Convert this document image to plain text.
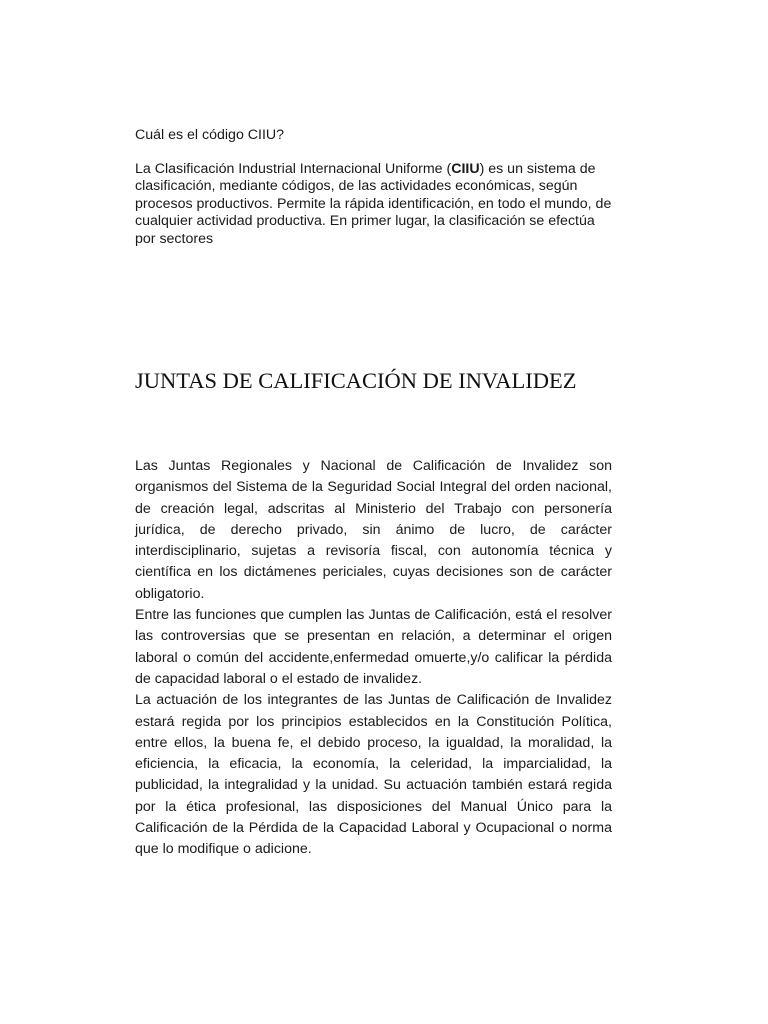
Cuál es el código CIIU?

La Clasificación Industrial Internacional Uniforme (CIIU) es un sistema de clasificación, mediante códigos, de las actividades económicas, según procesos productivos. Permite la rápida identificación, en todo el mundo, de cualquier actividad productiva. En primer lugar, la clasificación se efectúa por sectores

JUNTAS DE CALIFICACIÓN DE INVALIDEZ

Las Juntas Regionales y Nacional de Calificación de Invalidez son organismos del Sistema de la Seguridad Social Integral del orden nacional, de creación legal, adscritas al Ministerio del Trabajo con personería jurídica, de derecho privado, sin ánimo de lucro, de carácter interdisciplinario, sujetas a revisoría fiscal, con autonomía técnica y científica en los dictámenes periciales, cuyas decisiones son de carácter obligatorio.

Entre las funciones que cumplen las Juntas de Calificación, está el resolver las controversias que se presentan en relación, a determinar el origen laboral o común del accidente,enfermedad omuerte,y/o calificar la pérdida de capacidad laboral o el estado de invalidez.

La actuación de los integrantes de las Juntas de Calificación de Invalidez estará regida por los principios establecidos en la Constitución Política, entre ellos, la buena fe, el debido proceso, la igualdad, la moralidad, la eficiencia, la eficacia, la economía, la celeridad, la imparcialidad, la publicidad, la integralidad y la unidad. Su actuación también estará regida por la ética profesional, las disposiciones del Manual Único para la Calificación de la Pérdida de la Capacidad Laboral y Ocupacional o norma que lo modifique o adicione.
